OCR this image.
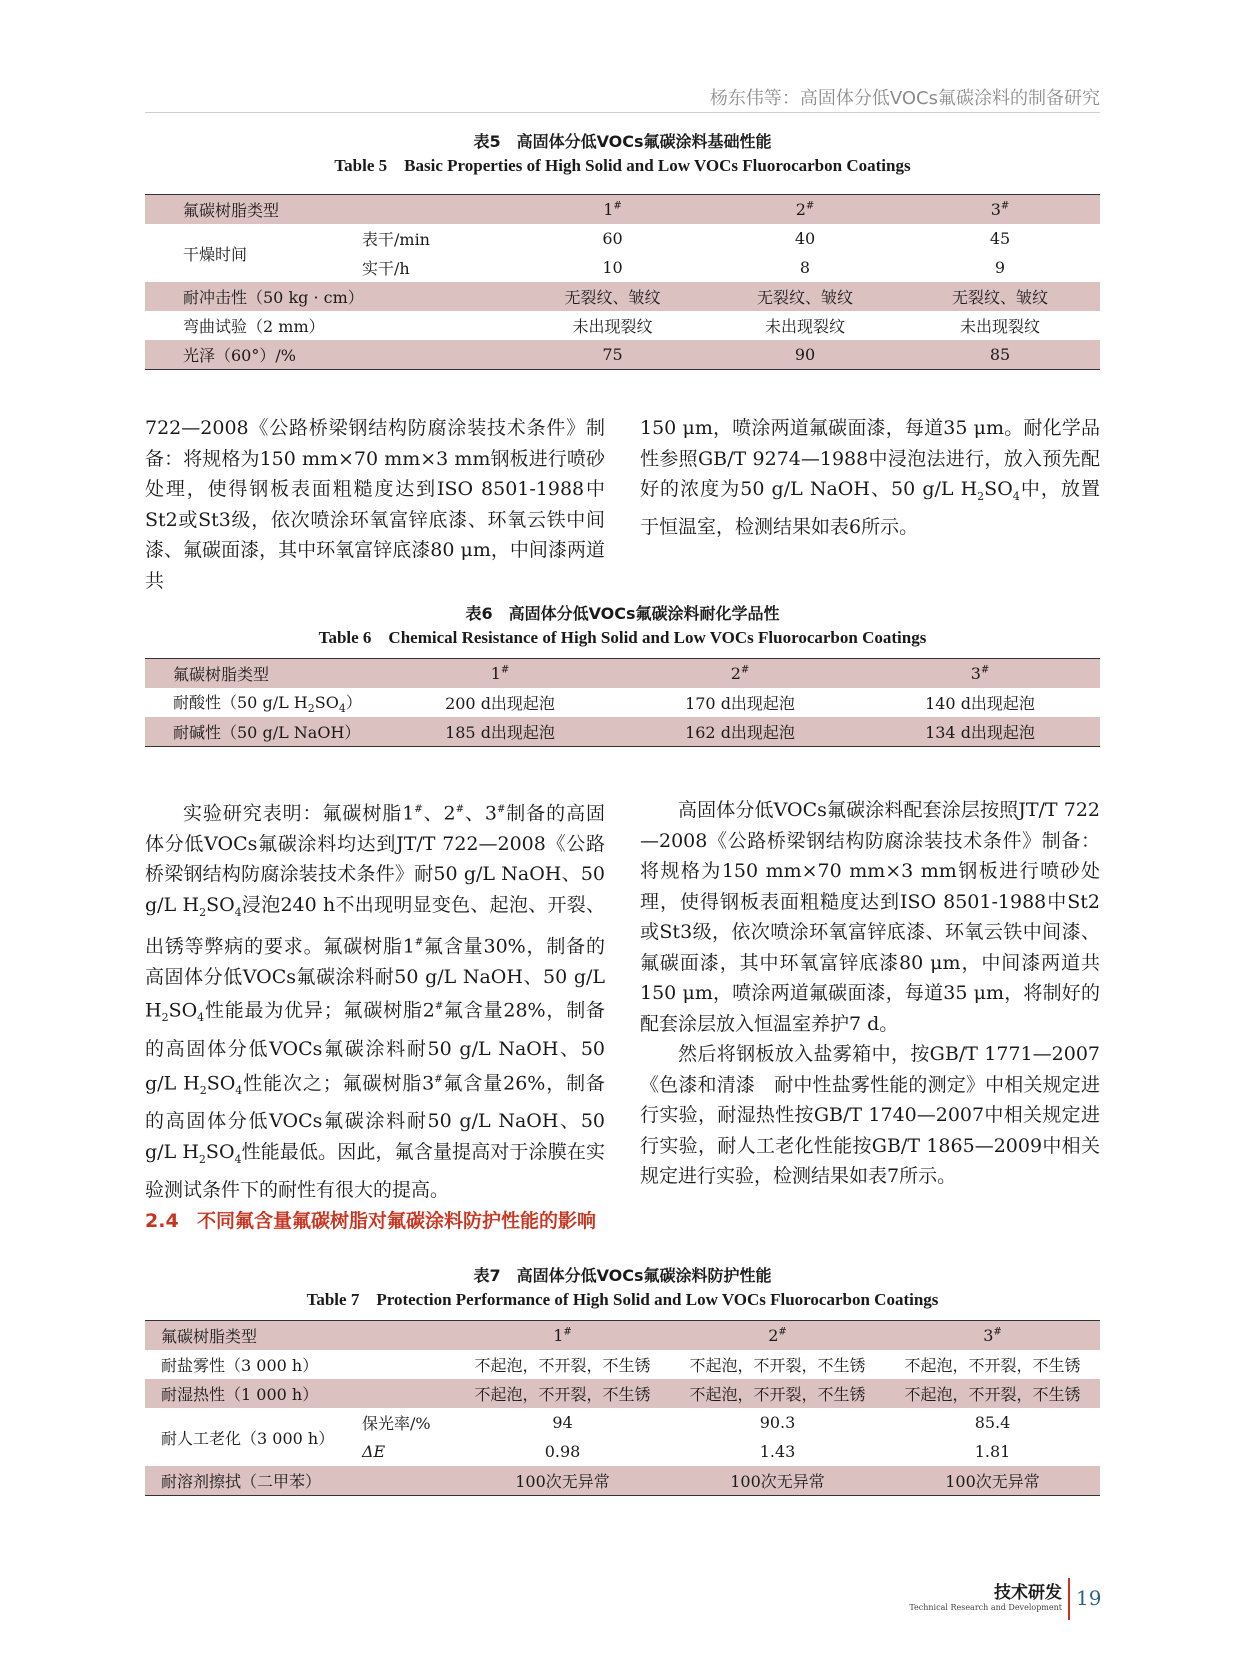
杨东伟等：高固体分低VOCs氟碳涂料的制备研究
表5　高固体分低VOCs氟碳涂料基础性能
Table 5　Basic Properties of High Solid and Low VOCs Fluorocarbon Coatings
氟碳树脂类型		1#	2#	3#
干燥时间	表干/min	60	40	45
	实干/h	10	8	9
耐冲击性（50 kg · cm）		无裂纹、皱纹	无裂纹、皱纹	无裂纹、皱纹
弯曲试验（2 mm）		未出现裂纹	未出现裂纹	未出现裂纹
光泽（60°）/%		75	90	85

722—2008《公路桥梁钢结构防腐涂装技术条件》制备：将规格为150 mm×70 mm×3 mm钢板进行喷砂处理，使得钢板表面粗糙度达到ISO 8501-1988中St2或St3级，依次喷涂环氧富锌底漆、环氧云铁中间漆、氟碳面漆，其中环氧富锌底漆80 μm，中间漆两道共

150 μm，喷涂两道氟碳面漆，每道35 μm。耐化学品性参照GB/T 9274—1988中浸泡法进行，放入预先配好的浓度为50 g/L NaOH、50 g/L $H_2SO_4$中，放置于恒温室，检测结果如表6所示。

表6　高固体分低VOCs氟碳涂料耐化学品性
Table 6　Chemical Resistance of High Solid and Low VOCs Fluorocarbon Coatings
氟碳树脂类型	1#	2#	3#
耐酸性（50 g/L $H_2SO_4$）	200 d出现起泡	170 d出现起泡	140 d出现起泡
耐碱性（50 g/L NaOH）	185 d出现起泡	162 d出现起泡	134 d出现起泡

实验研究表明：氟碳树脂1#、2#、3#制备的高固体分低VOCs氟碳涂料均达到JT/T 722—2008《公路桥梁钢结构防腐涂装技术条件》耐50 g/L NaOH、50 g/L $H_2SO_4$浸泡240 h不出现明显变色、起泡、开裂、出锈等弊病的要求。氟碳树脂1#氟含量30%，制备的高固体分低VOCs氟碳涂料耐50 g/L NaOH、50 g/L $H_2SO_4$性能最为优异；氟碳树脂2#氟含量28%，制备的高固体分低VOCs氟碳涂料耐50 g/L NaOH、50 g/L $H_2SO_4$性能次之；氟碳树脂3#氟含量26%，制备的高固体分低VOCs氟碳涂料耐50 g/L NaOH、50 g/L $H_2SO_4$性能最低。因此，氟含量提高对于涂膜在实验测试条件下的耐性有很大的提高。

2.4 不同氟含量氟碳树脂对氟碳涂料防护性能的影响

高固体分低VOCs氟碳涂料配套涂层按照JT/T 722—2008《公路桥梁钢结构防腐涂装技术条件》制备：将规格为150 mm×70 mm×3 mm钢板进行喷砂处理，使得钢板表面粗糙度达到ISO 8501-1988中St2或St3级，依次喷涂环氧富锌底漆、环氧云铁中间漆、氟碳面漆，其中环氧富锌底漆80 μm，中间漆两道共150 μm，喷涂两道氟碳面漆，每道35 μm，将制好的配套涂层放入恒温室养护7 d。

然后将钢板放入盐雾箱中，按GB/T 1771—2007《色漆和清漆　耐中性盐雾性能的测定》中相关规定进行实验，耐湿热性按GB/T 1740—2007中相关规定进行实验，耐人工老化性能按GB/T 1865—2009中相关规定进行实验，检测结果如表7所示。

表7　高固体分低VOCs氟碳涂料防护性能
Table 7　Protection Performance of High Solid and Low VOCs Fluorocarbon Coatings
氟碳树脂类型		1#	2#	3#
耐盐雾性（3 000 h）		不起泡，不开裂，不生锈	不起泡，不开裂，不生锈	不起泡，不开裂，不生锈
耐湿热性（1 000 h）		不起泡，不开裂，不生锈	不起泡，不开裂，不生锈	不起泡，不开裂，不生锈
耐人工老化（3 000 h）	保光率/%	94	90.3	85.4
	ΔE	0.98	1.43	1.81
耐溶剂擦拭（二甲苯）		100次无异常	100次无异常	100次无异常
技术研发
Technical Research and Development 19
